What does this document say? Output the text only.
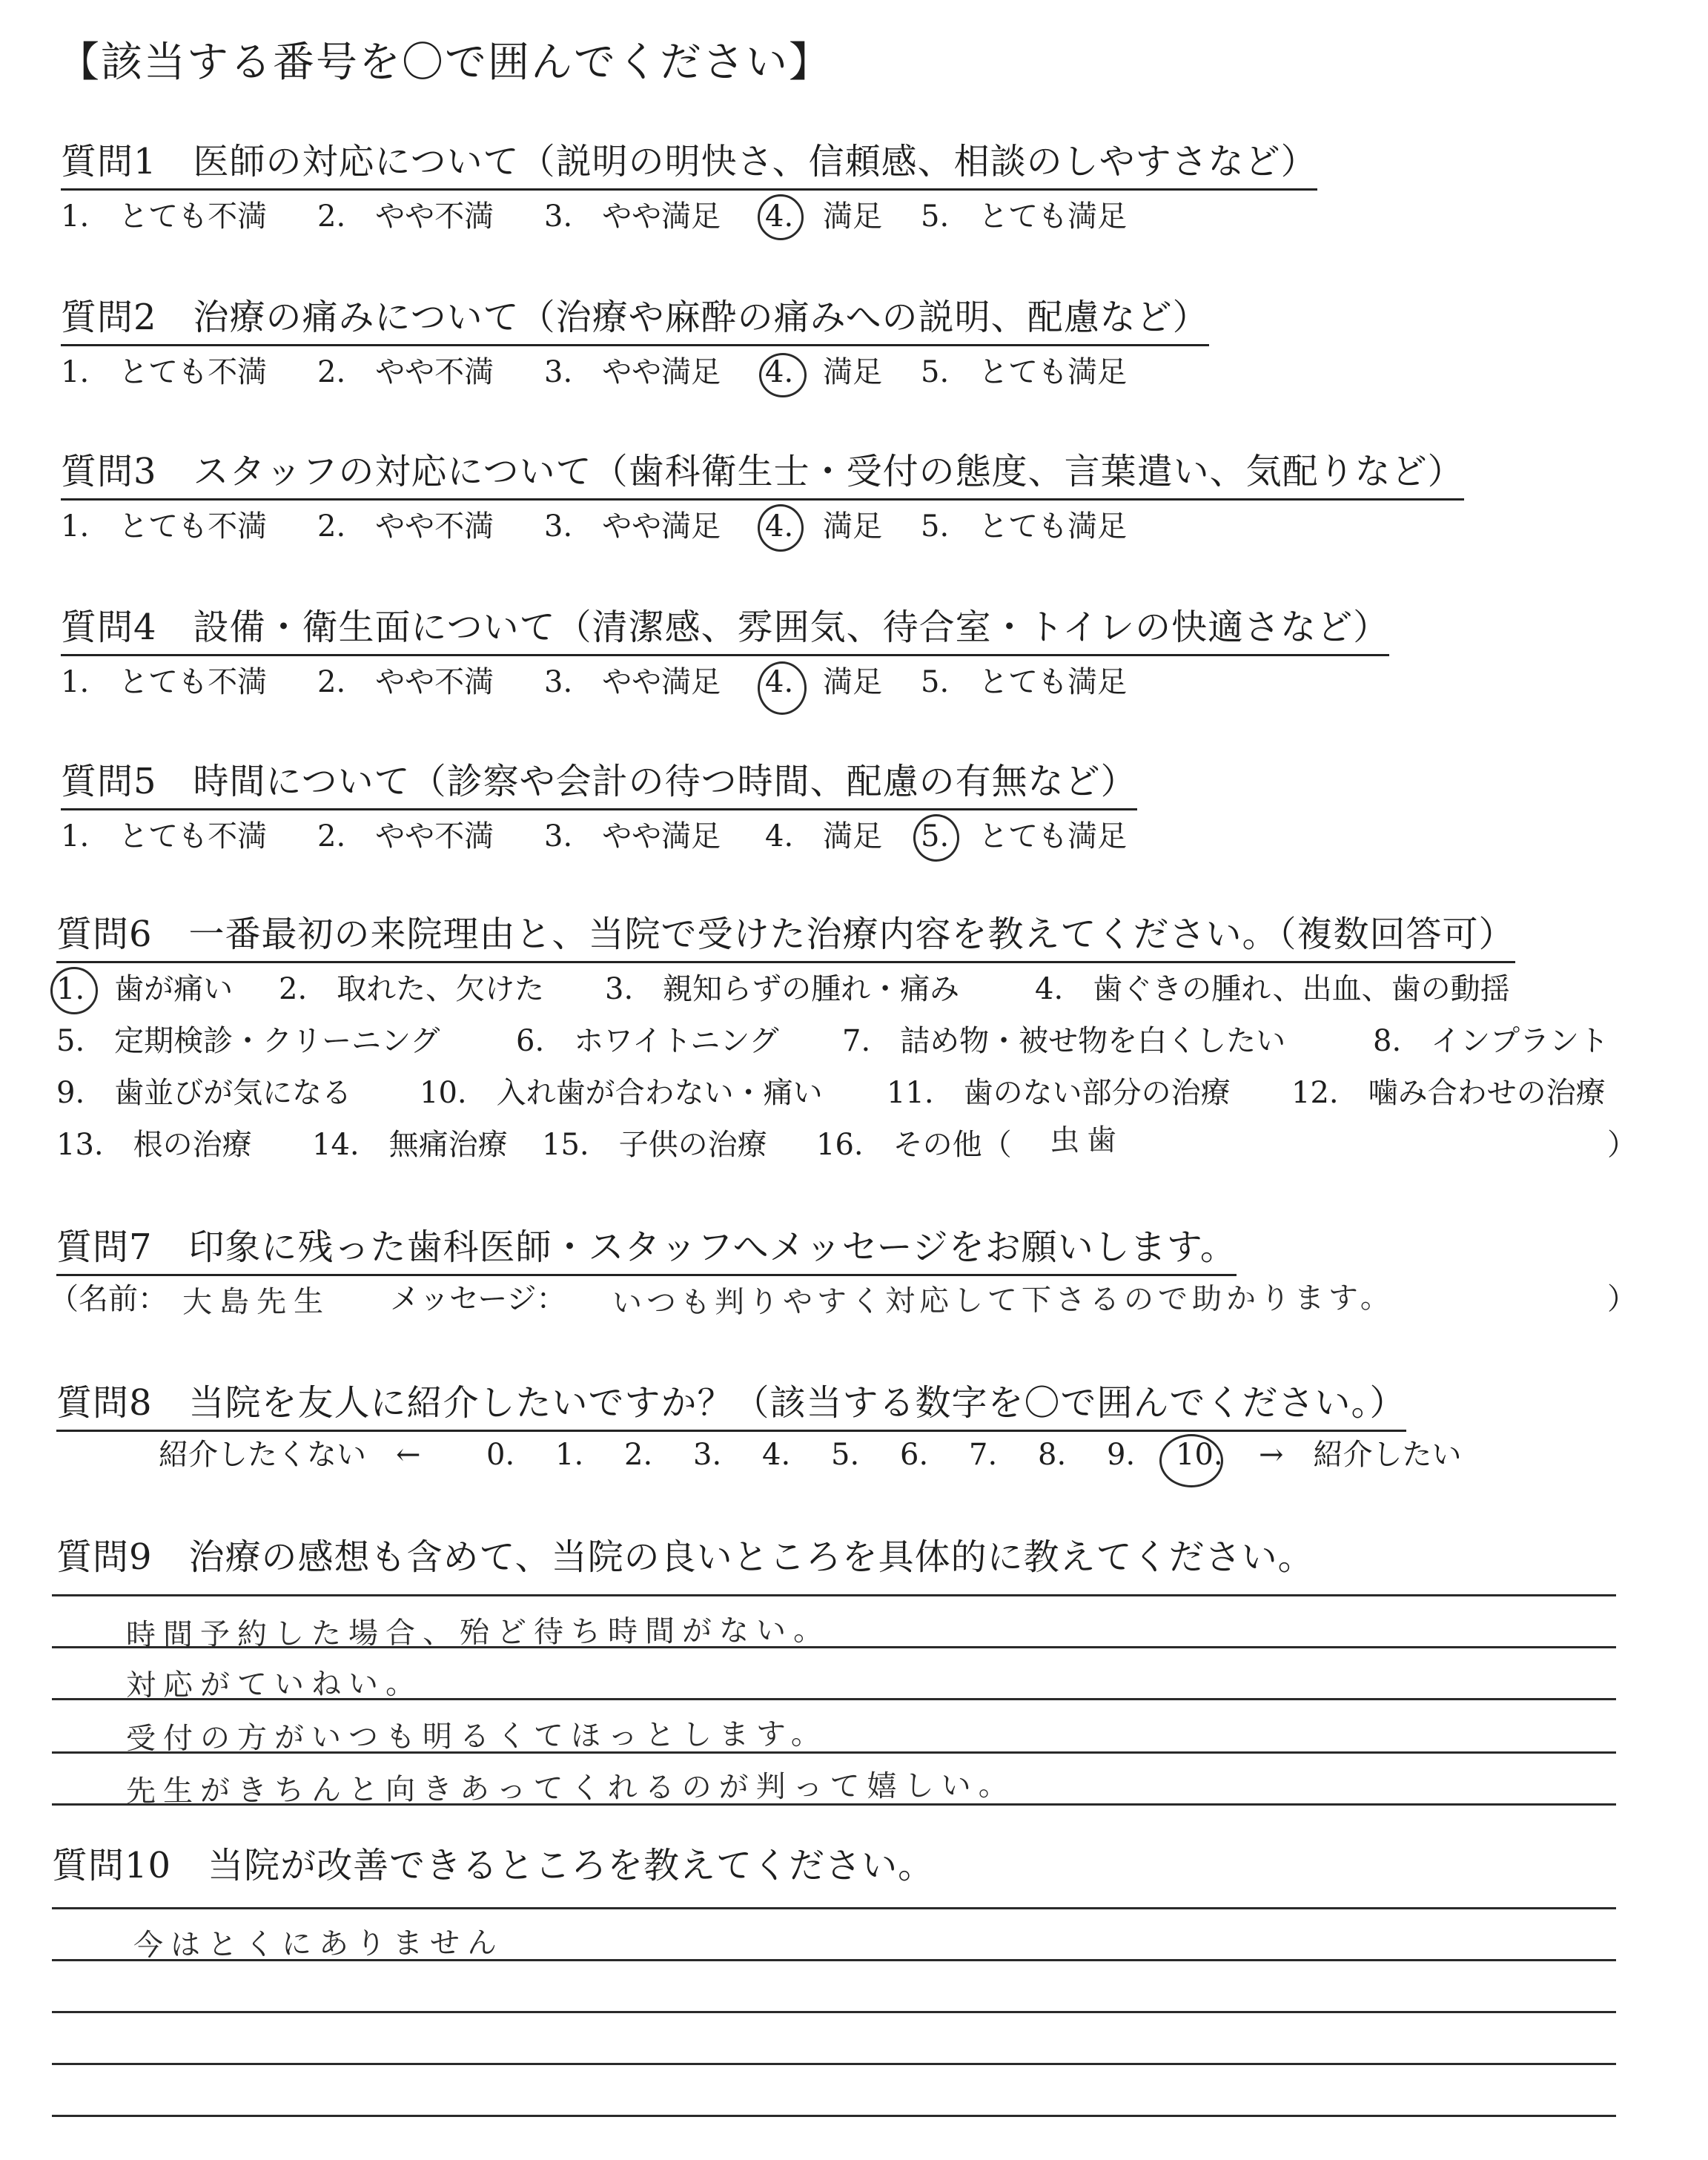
【該当する番号を〇で囲んでください】
質問1　医師の対応について（説明の明快さ、信頼感、相談のしやすさなど）
1.　とても不満 2.　やや不満 3.　やや満足 4.　満足 5.　とても満足
質問2　治療の痛みについて（治療や麻酔の痛みへの説明、配慮など）
1.　とても不満 2.　やや不満 3.　やや満足 4.　満足 5.　とても満足
質問3　スタッフの対応について（歯科衛生士・受付の態度、言葉遣い、気配りなど）
1.　とても不満 2.　やや不満 3.　やや満足 4.　満足 5.　とても満足
質問4　設備・衛生面について（清潔感、雰囲気、待合室・トイレの快適さなど）
1.　とても不満 2.　やや不満 3.　やや満足 4.　満足 5.　とても満足
質問5　時間について（診察や会計の待つ時間、配慮の有無など）
1.　とても不満 2.　やや不満 3.　やや満足 4.　満足 5.　とても満足
質問6　一番最初の来院理由と、当院で受けた治療内容を教えてください。（複数回答可）
1.　歯が痛い 2.　取れた、欠けた 3.　親知らずの腫れ・痛み	4.　歯ぐきの腫れ、出血、歯の動揺
5.　定期検診・クリーニング	6.　ホワイトニング 7.　詰め物・被せ物を白くしたい	8.　インプラント
9.　歯並びが気になる 10.　入れ歯が合わない・痛い 11.　歯のない部分の治療 12.　噛み合わせの治療
13.　根の治療 14.　無痛治療 15.　子供の治療 16.　その他（ 虫歯	）
質問7　印象に残った歯科医師・スタッフへメッセージをお願いします。
（名前： 大島先生 メッセージ： いつも判りやすく対応して下さるので助かります。	）
質問8　当院を友人に紹介したいですか？（該当する数字を〇で囲んでください。）
紹介したくない　← 0. 1. 2. 3. 4. 5. 6. 7. 8. 9. 10. →　紹介したい
質問9　治療の感想も含めて、当院の良いところを具体的に教えてください。
時間予約した場合、殆ど待ち時間がない。
対応がていねい。
受付の方がいつも明るくてほっとします。
先生がきちんと向きあってくれるのが判って嬉しい。
質問10　当院が改善できるところを教えてください。
今はとくにありません
